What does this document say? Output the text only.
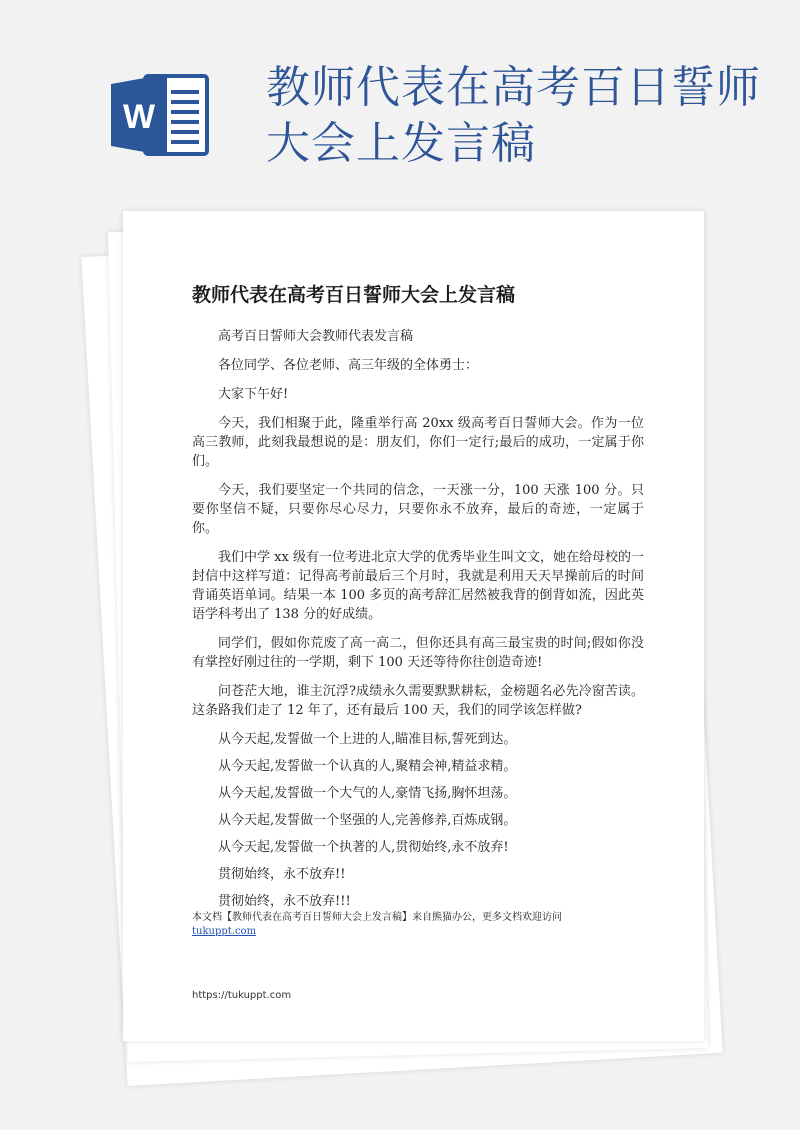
W
教师代表在高考百日誓师大会上发言稿
教师代表在高考百日誓师大会上发言稿

高考百日誓师大会教师代表发言稿

各位同学、各位老师、高三年级的全体勇士：

大家下午好!

今天，我们相聚于此，隆重举行高 20xx 级高考百日誓师大会。作为一位高三教师，此刻我最想说的是：朋友们，你们一定行;最后的成功，一定属于你们。

今天，我们要坚定一个共同的信念，一天涨一分，100 天涨 100 分。只要你坚信不疑，只要你尽心尽力，只要你永不放弃，最后的奇迹，一定属于你。

我们中学 xx 级有一位考进北京大学的优秀毕业生叫文文，她在给母校的一封信中这样写道：记得高考前最后三个月时，我就是利用天天早操前后的时间背诵英语单词。结果一本 100 多页的高考辞汇居然被我背的倒背如流，因此英语学科考出了 138 分的好成绩。

同学们，假如你荒废了高一高二，但你还具有高三最宝贵的时间;假如你没有掌控好刚过往的一学期，剩下 100 天还等待你往创造奇迹!

问苍茫大地，谁主沉浮?成绩永久需要默默耕耘，金榜题名必先冷窗苦读。这条路我们走了 12 年了，还有最后 100 天，我们的同学该怎样做?

从今天起,发誓做一个上进的人,瞄准目标,誓死到达。

从今天起,发誓做一个认真的人,聚精会神,精益求精。

从今天起,发誓做一个大气的人,豪情飞扬,胸怀坦荡。

从今天起,发誓做一个坚强的人,完善修养,百炼成钢。

从今天起,发誓做一个执著的人,贯彻始终,永不放弃!

贯彻始终，永不放弃!!

贯彻始终，永不放弃!!!

本文档【教师代表在高考百日誓师大会上发言稿】来自熊猫办公，更多文档欢迎访问
tukuppt.com
https://tukuppt.com
